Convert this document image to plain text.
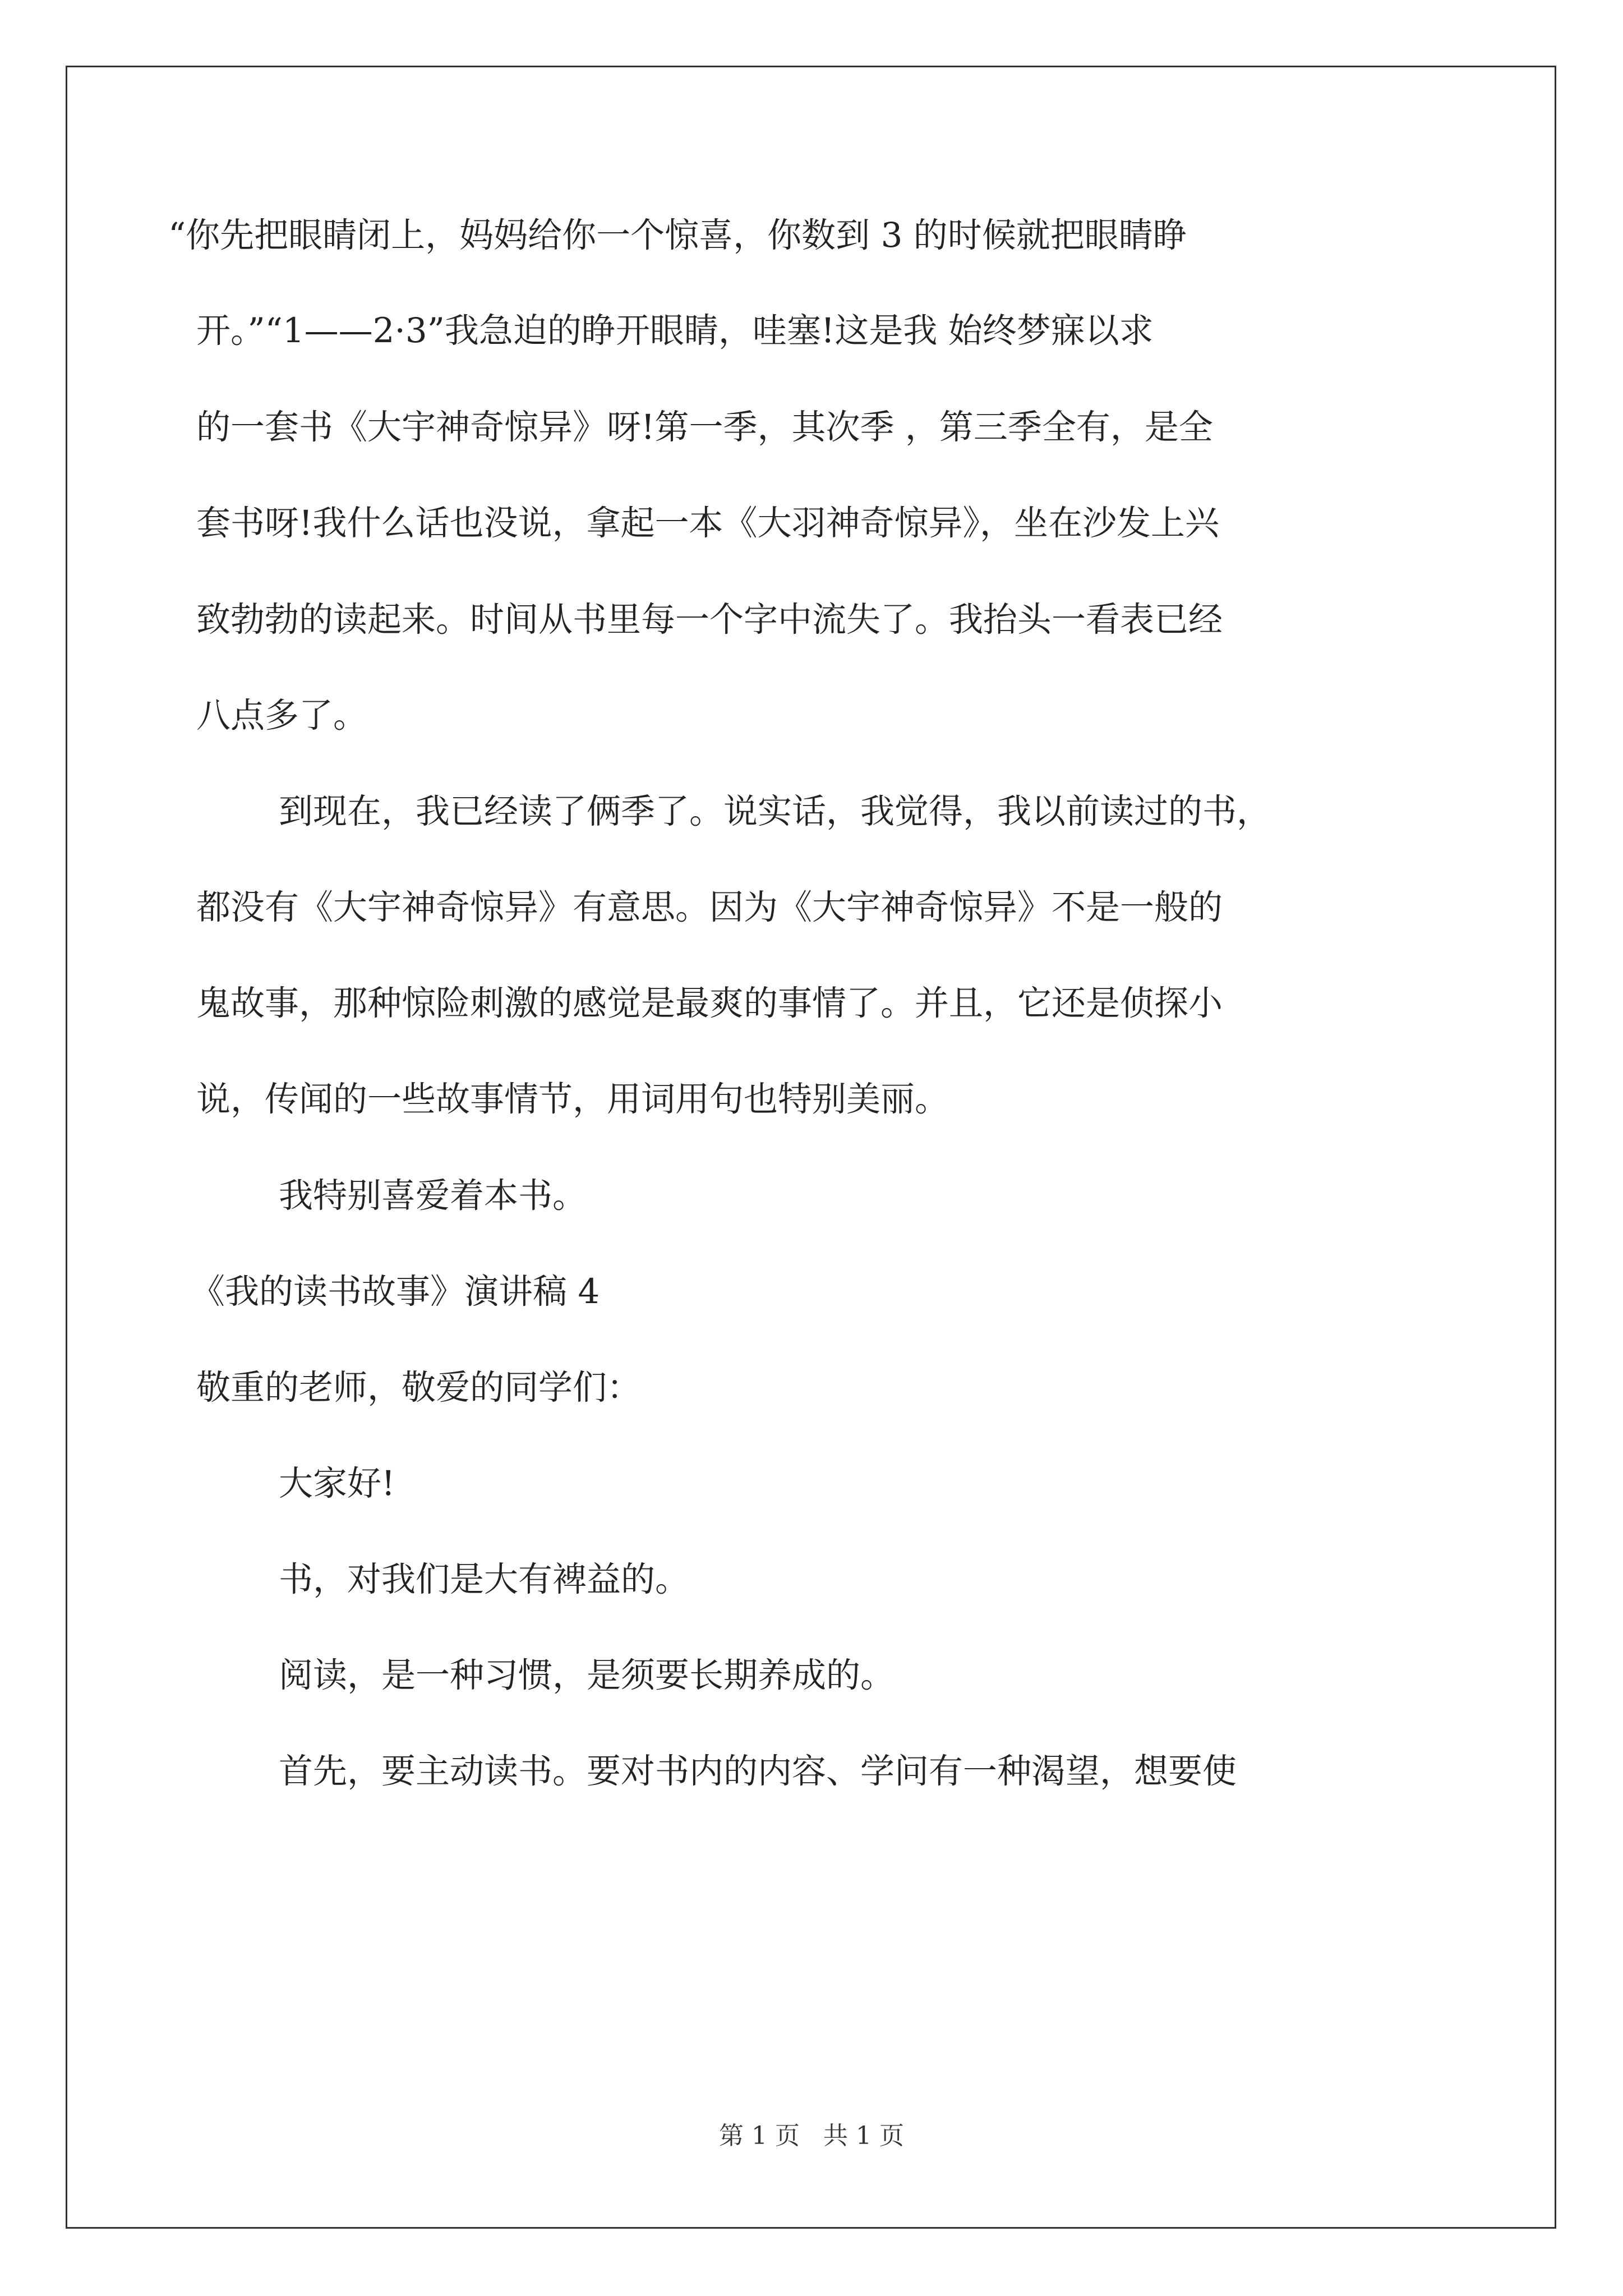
“你先把眼睛闭上，妈妈给你一个惊喜，你数到 3 的时候就把眼睛睁
开。”“1——2·3”我急迫的睁开眼睛，哇塞!这是我 始终梦寐以求
的一套书《大宇神奇惊异》呀!第一季，其次季 ，第三季全有，是全
套书呀!我什么话也没说，拿起一本《大羽神奇惊异》，坐在沙发上兴
致勃勃的读起来。时间从书里每一个字中流失了。我抬头一看表已经
八点多了。
到现在，我已经读了俩季了。说实话，我觉得，我以前读过的书，
都没有《大宇神奇惊异》有意思。因为《大宇神奇惊异》不是一般的
鬼故事，那种惊险刺激的感觉是最爽的事情了。并且，它还是侦探小
说，传闻的一些故事情节，用词用句也特别美丽。
我特别喜爱着本书。
《我的读书故事》演讲稿 4
敬重的老师，敬爱的同学们：
大家好!
书，对我们是大有裨益的。
阅读，是一种习惯，是须要长期养成的。
首先，要主动读书。要对书内的内容、学问有一种渴望，想要使
第 1 页   共 1 页
